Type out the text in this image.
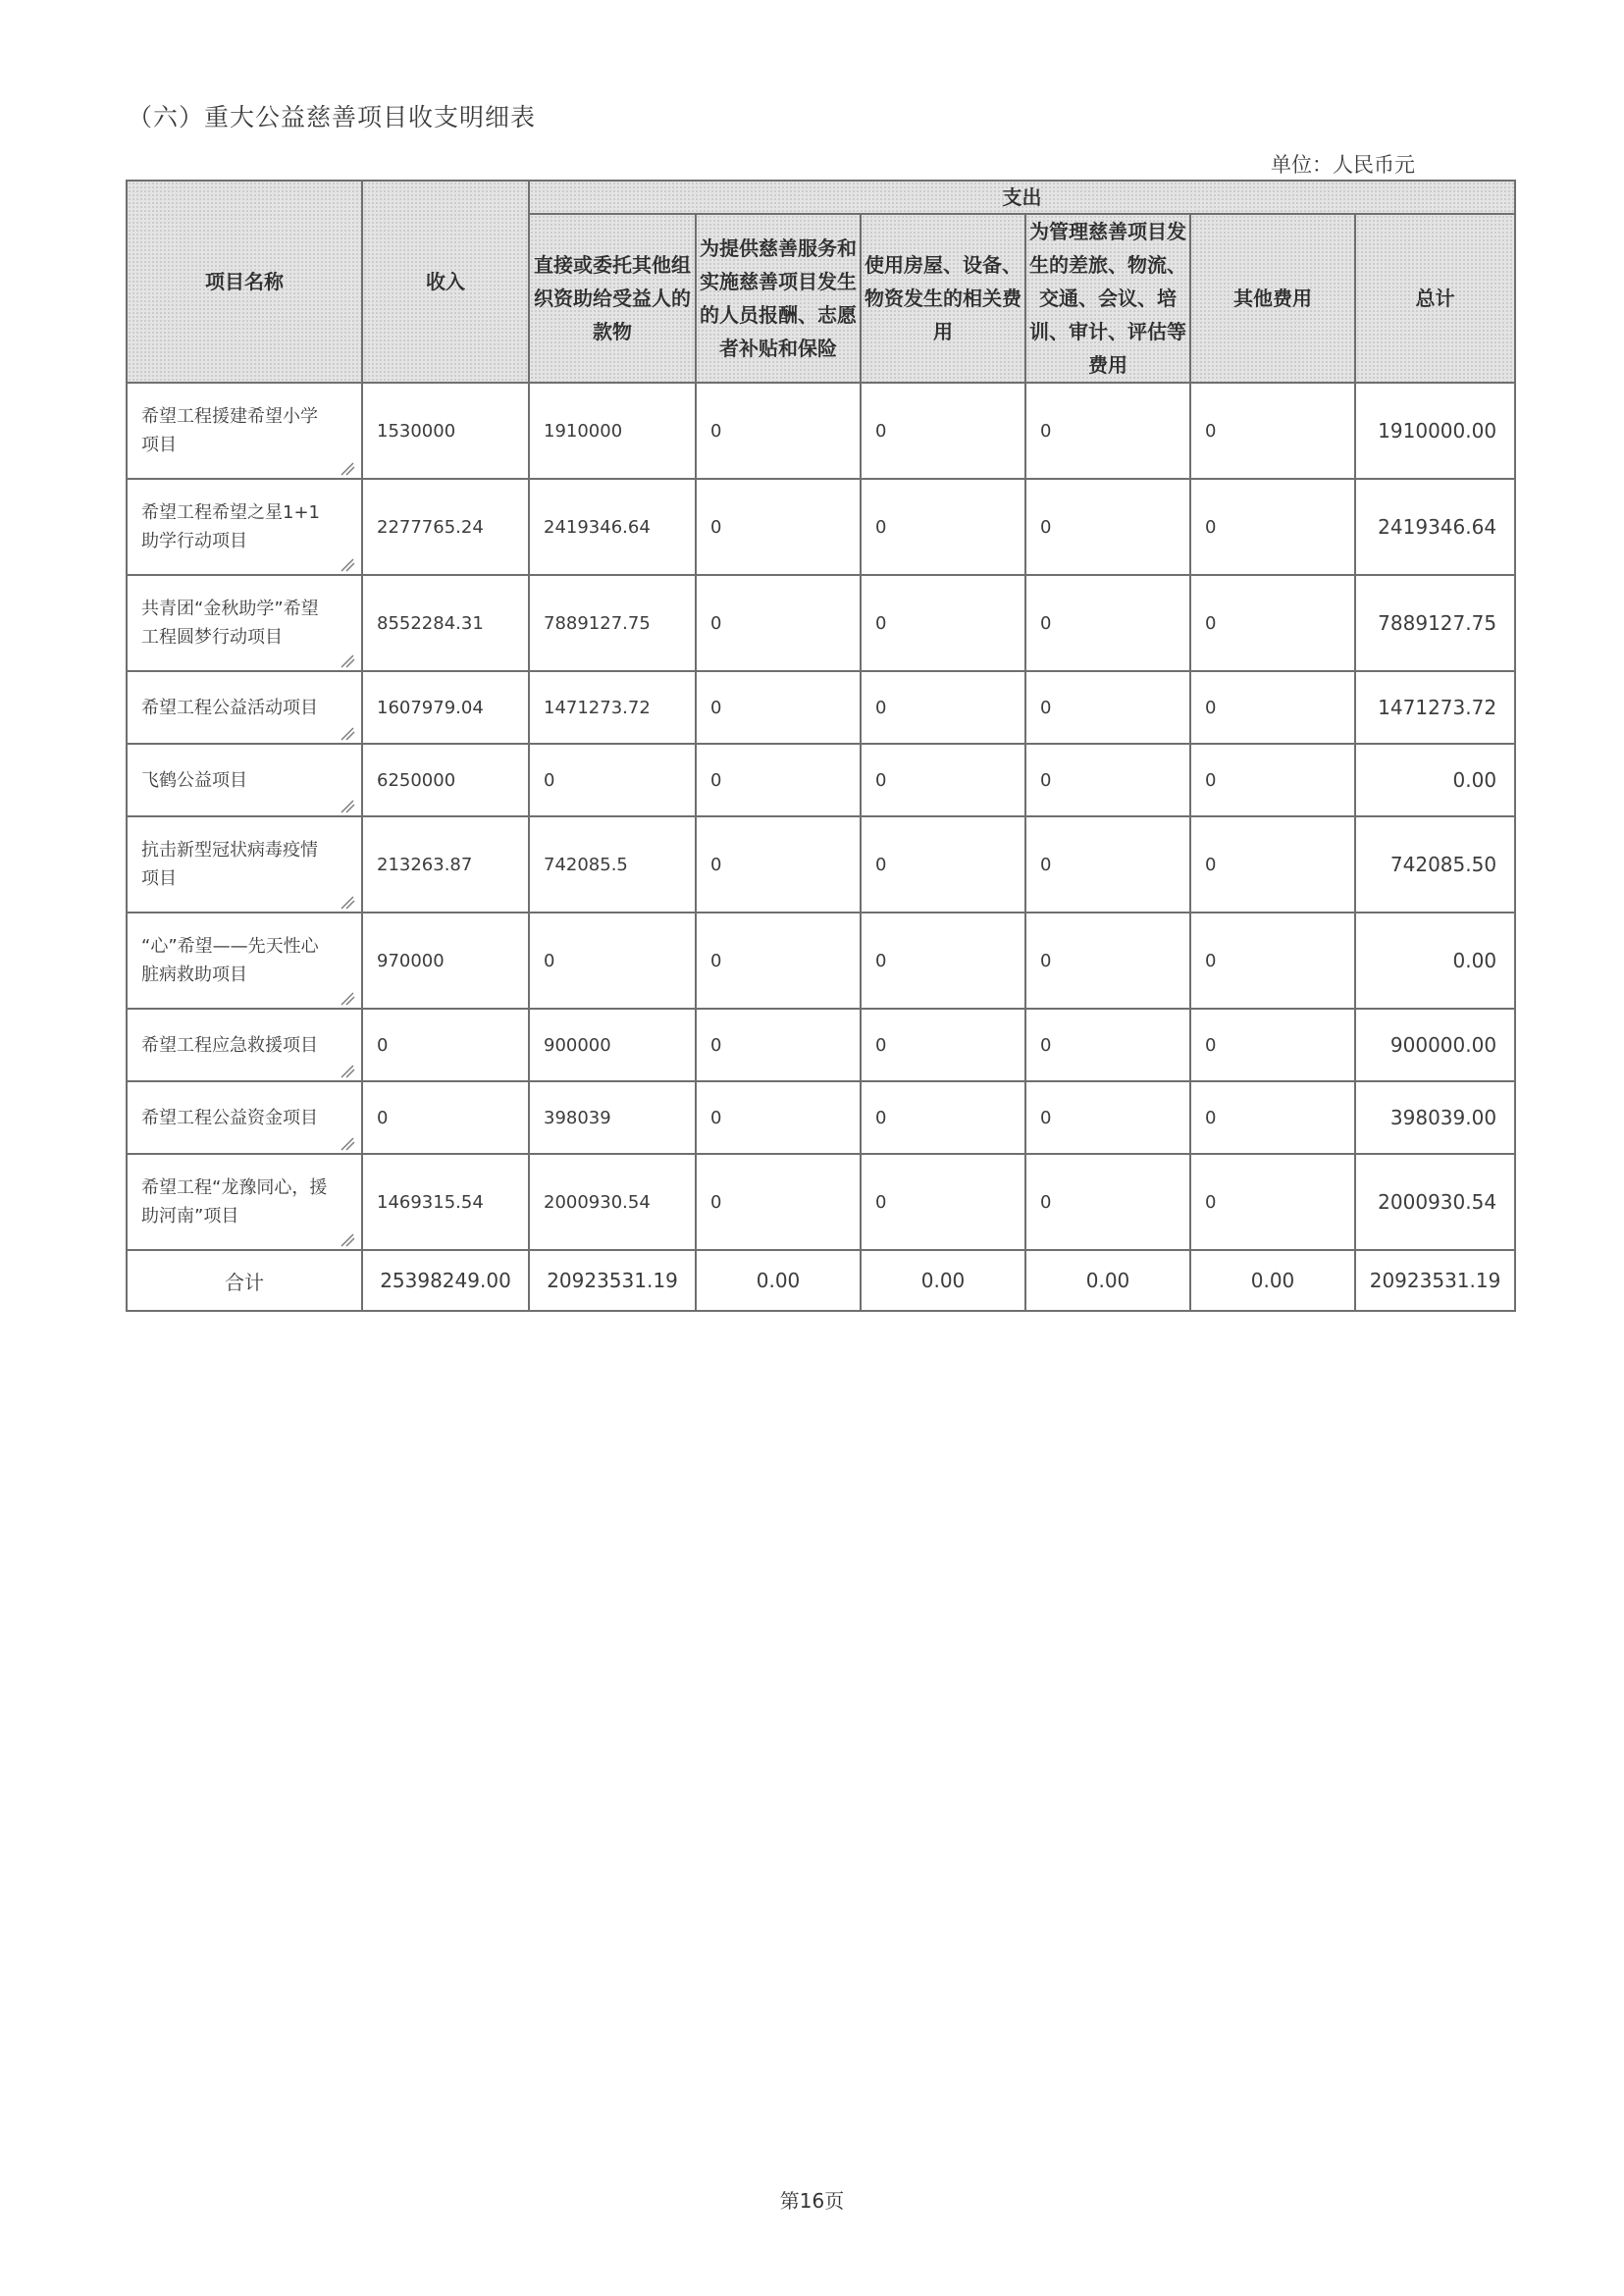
（六）重大公益慈善项目收支明细表
单位：人民币元
项目名称	收入	支出					
		直接或委托其他组织资助给受益人的款物	为提供慈善服务和实施慈善项目发生的人员报酬、志愿者补贴和保险	使用房屋、设备、物资发生的相关费用	为管理慈善项目发生的差旅、物流、交通、会议、培训、审计、评估等费用	其他费用	总计
希望工程援建希望小学项目	1530000	1910000	0	0	0	0	1910000.00
希望工程希望之星1+1助学行动项目	2277765.24	2419346.64	0	0	0	0	2419346.64
共青团“金秋助学”希望工程圆梦行动项目	8552284.31	7889127.75	0	0	0	0	7889127.75
希望工程公益活动项目	1607979.04	1471273.72	0	0	0	0	1471273.72
飞鹤公益项目	6250000	0	0	0	0	0	0.00
抗击新型冠状病毒疫情项目	213263.87	742085.5	0	0	0	0	742085.50
“心”希望——先天性心脏病救助项目	970000	0	0	0	0	0	0.00
希望工程应急救援项目	0	900000	0	0	0	0	900000.00
希望工程公益资金项目	0	398039	0	0	0	0	398039.00
希望工程“龙豫同心，援助河南”项目	1469315.54	2000930.54	0	0	0	0	2000930.54
合计	25398249.00	20923531.19	0.00	0.00	0.00	0.00	20923531.19
第16页
